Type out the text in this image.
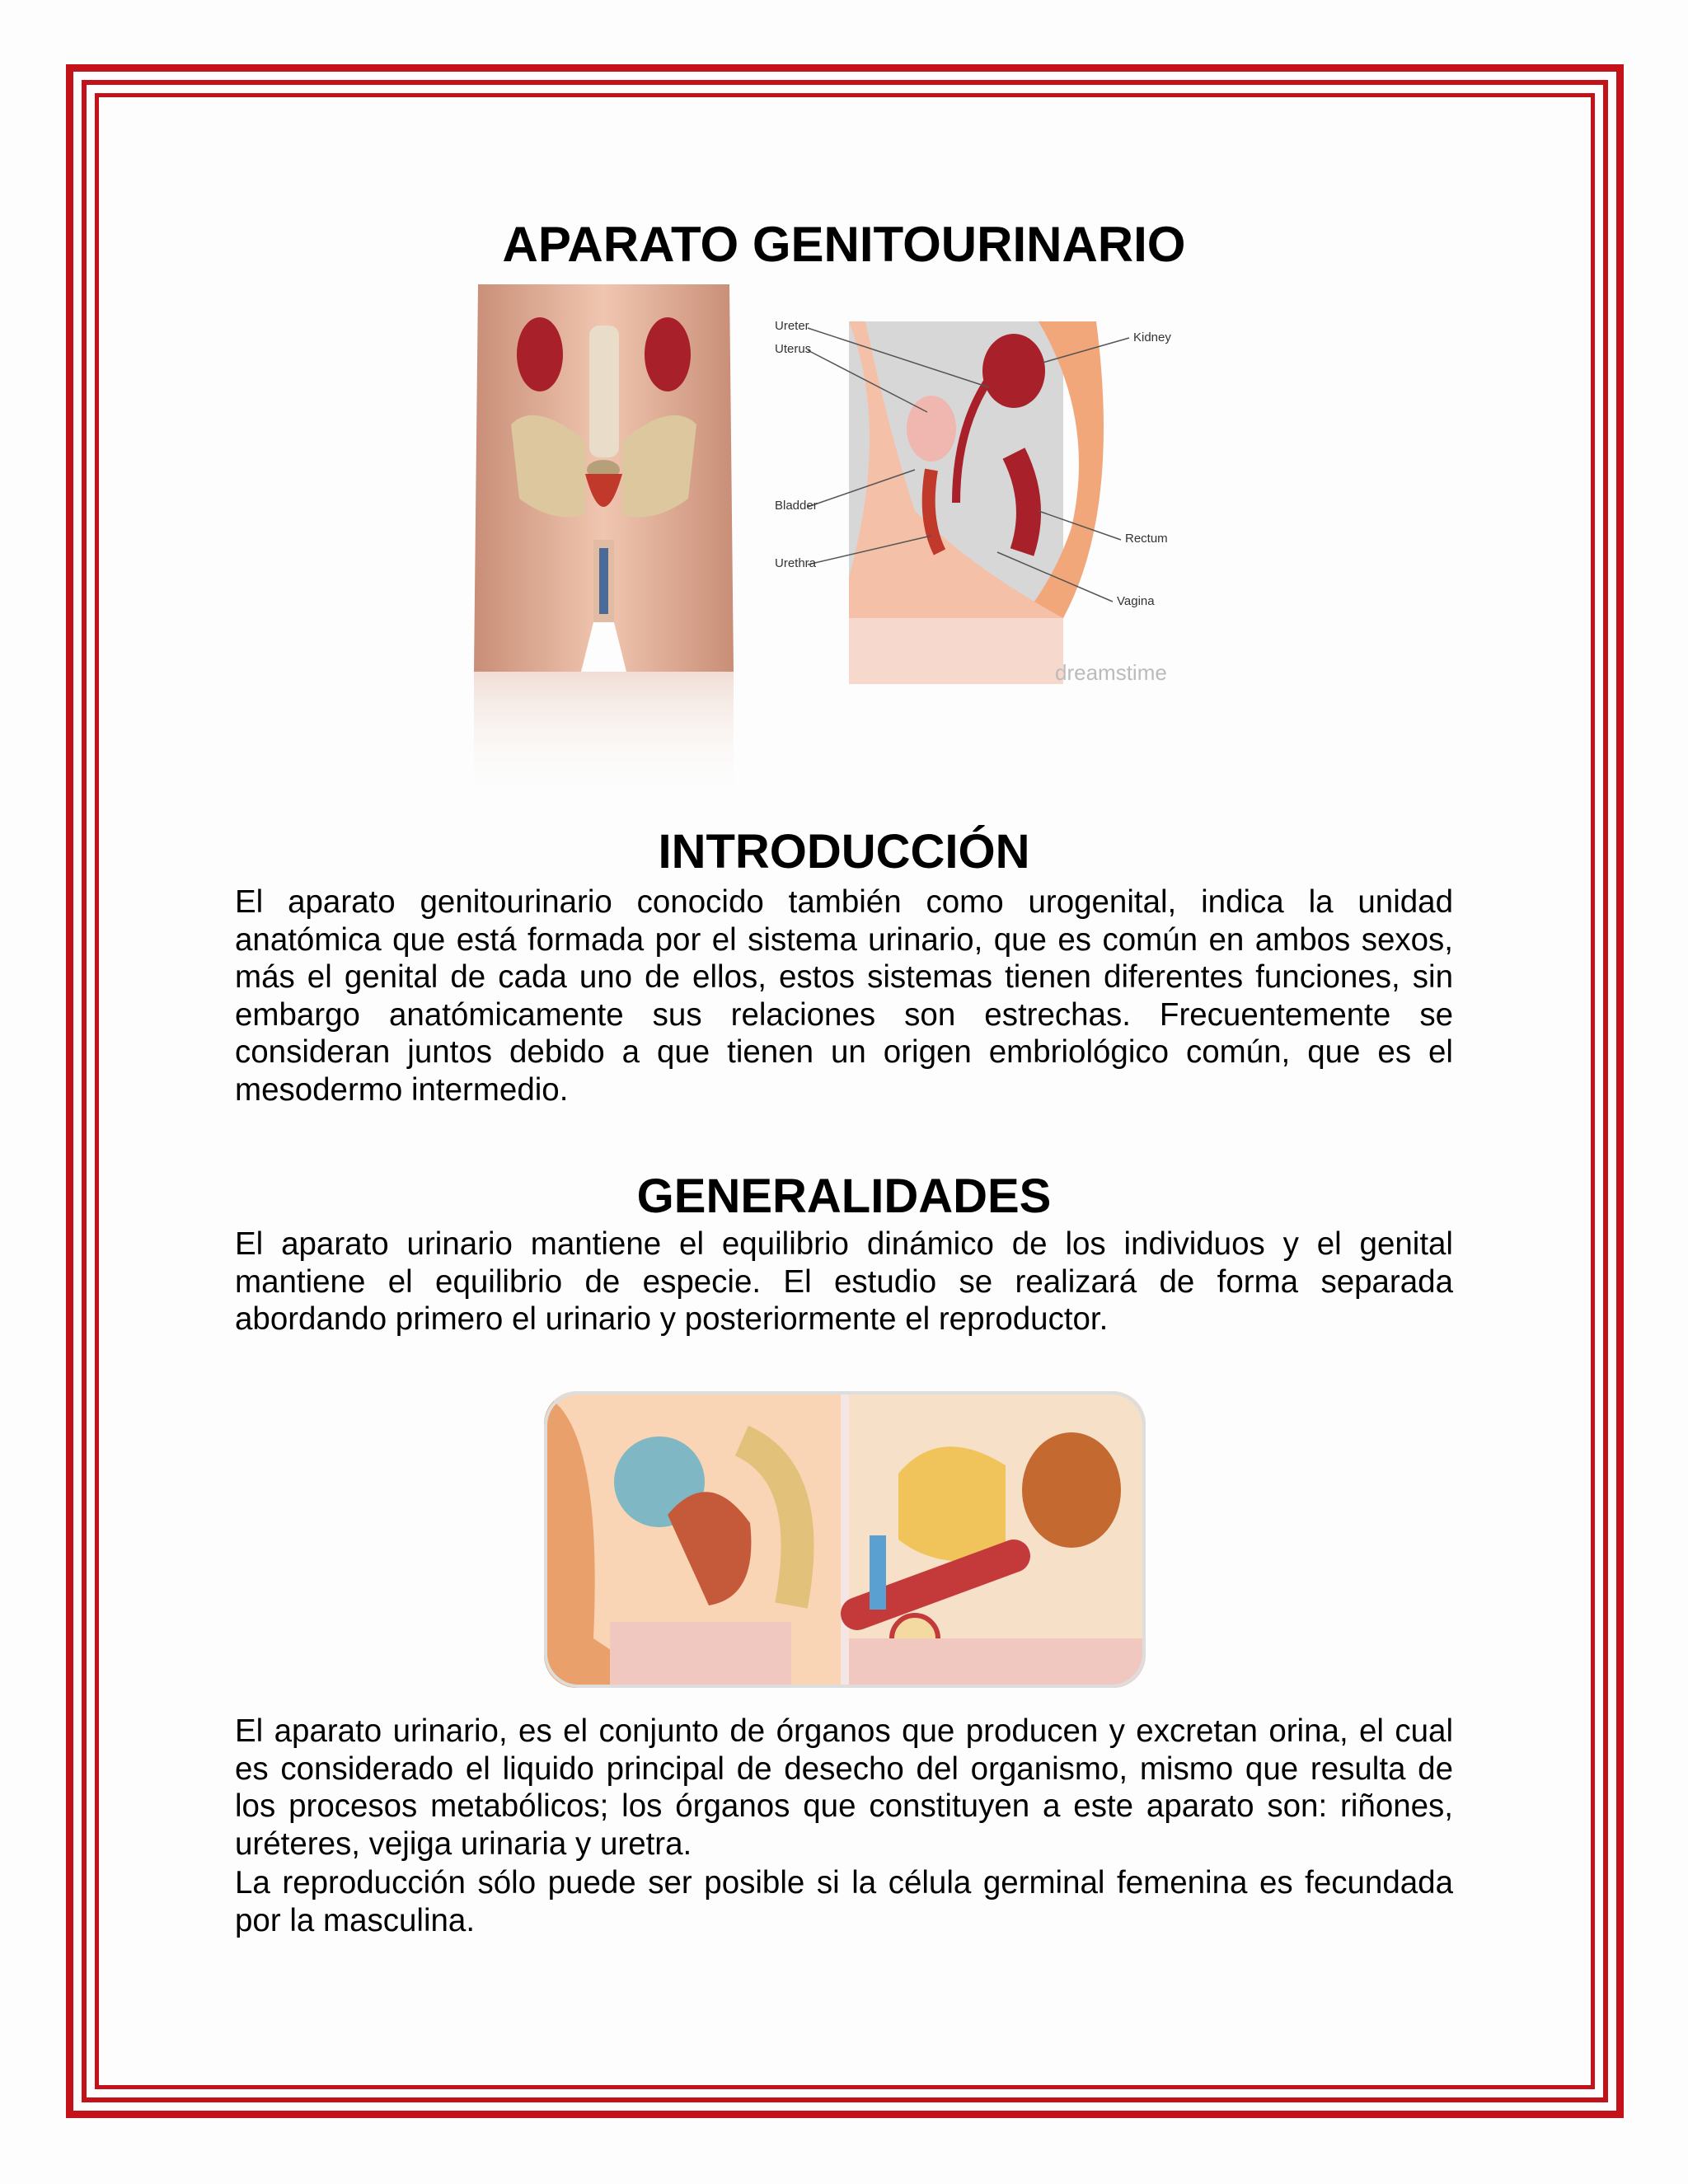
APARATO GENITOURINARIO
Ureter
Uterus
Kidney
Bladder
Rectum
Urethra
Vagina
dreamstime
INTRODUCCIÓN

El aparato genitourinario conocido también como urogenital, indica la unidad anatómica que está formada por el sistema urinario, que es común en ambos sexos, más el genital de cada uno de ellos, estos sistemas tienen diferentes funciones, sin embargo anatómicamente sus relaciones son estrechas. Frecuentemente se consideran juntos debido a que tienen un origen embriológico común, que es el mesodermo intermedio.

GENERALIDADES

El aparato urinario mantiene el equilibrio dinámico de los individuos y el genital mantiene el equilibrio de especie. El estudio se realizará de forma separada abordando primero el urinario y posteriormente el reproductor.

El aparato urinario, es el conjunto de órganos que producen y excretan orina, el cual es considerado el liquido principal de desecho del organismo, mismo que resulta de los procesos metabólicos; los órganos que constituyen a este aparato son: riñones, uréteres, vejiga urinaria y uretra.

La reproducción sólo puede ser posible si la célula germinal femenina es fecundada por la masculina.
